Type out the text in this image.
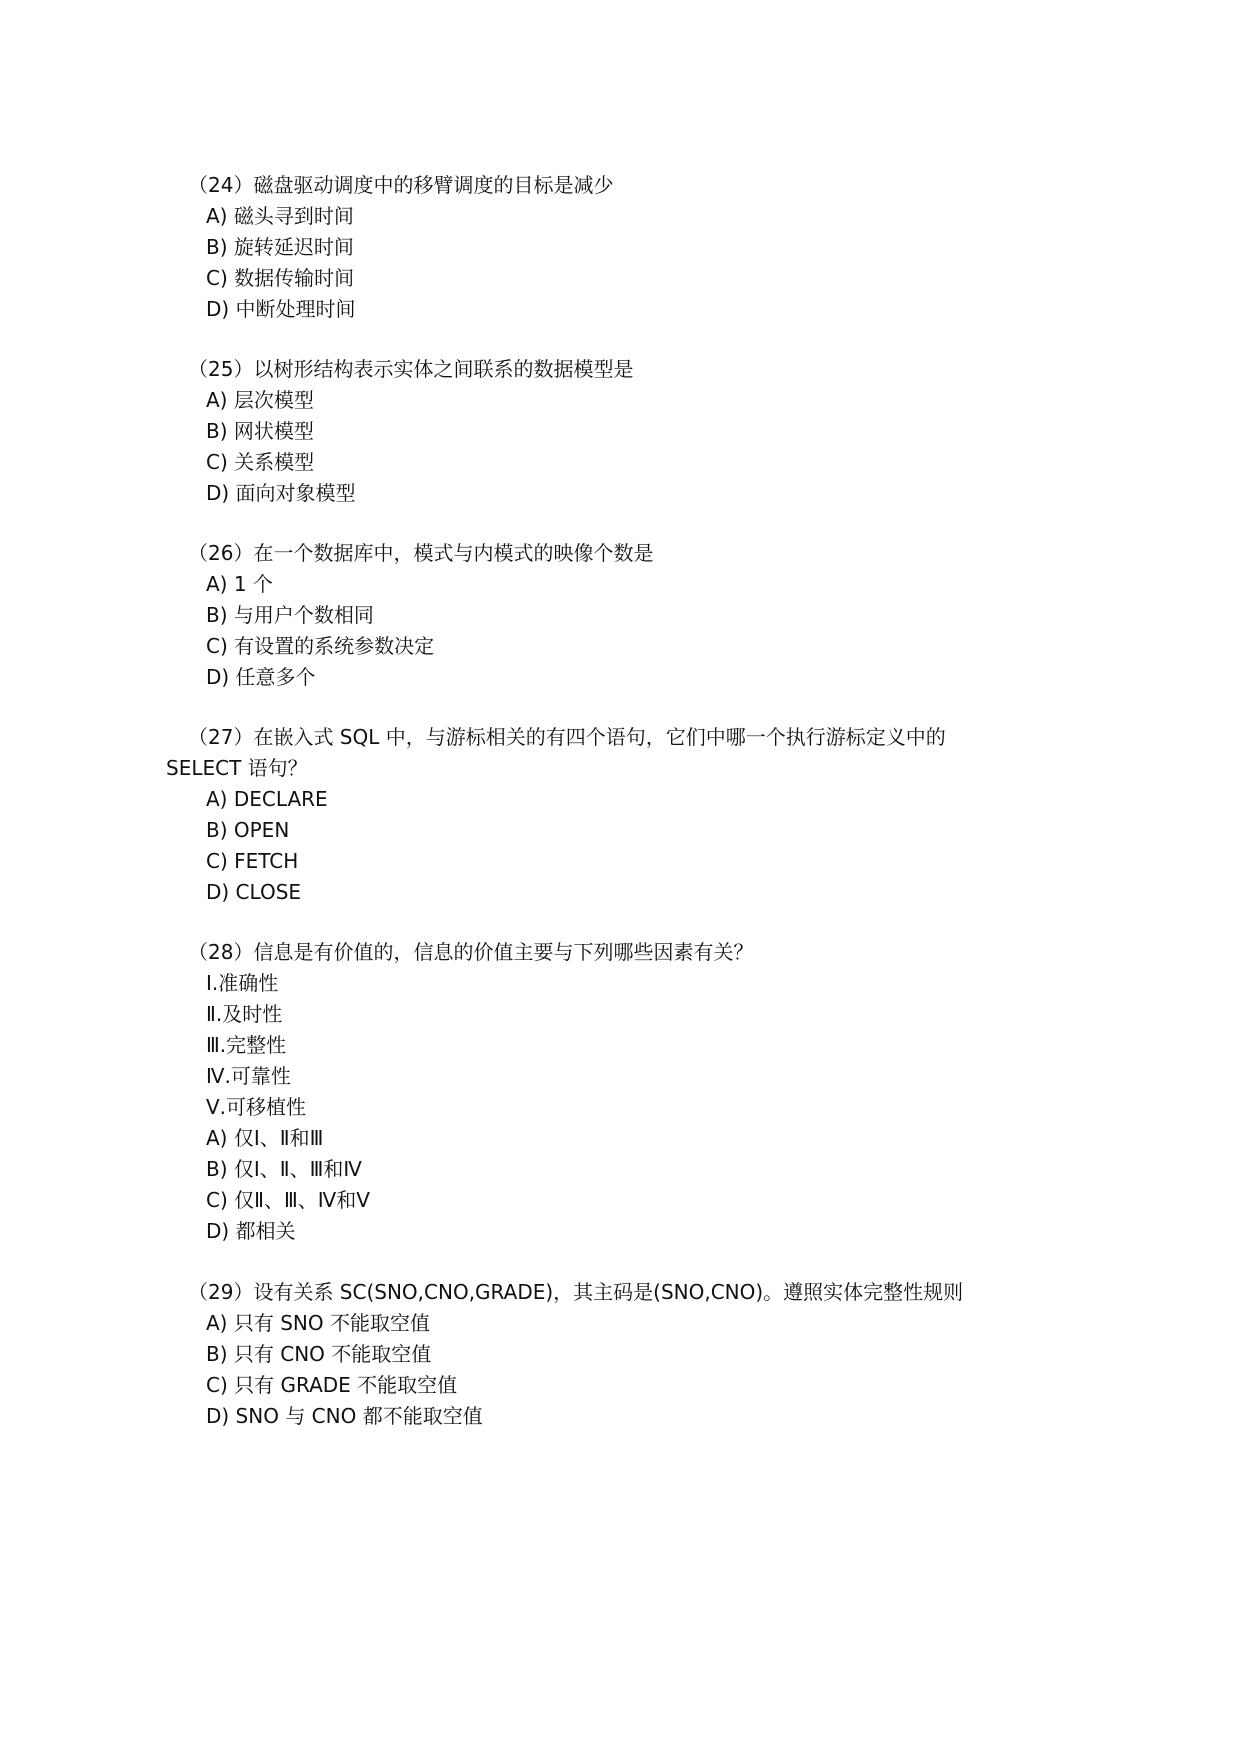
（24）磁盘驱动调度中的移臂调度的目标是减少
A) 磁头寻到时间
B) 旋转延迟时间
C) 数据传输时间
D) 中断处理时间
（25）以树形结构表示实体之间联系的数据模型是
A) 层次模型
B) 网状模型
C) 关系模型
D) 面向对象模型
（26）在一个数据库中，模式与内模式的映像个数是
A) 1 个
B) 与用户个数相同
C) 有设置的系统参数决定
D) 任意多个
（27）在嵌入式 SQL 中，与游标相关的有四个语句，它们中哪一个执行游标定义中的
SELECT 语句？
A) DECLARE
B) OPEN
C) FETCH
D) CLOSE
（28）信息是有价值的，信息的价值主要与下列哪些因素有关？
Ⅰ.准确性
Ⅱ.及时性
Ⅲ.完整性
Ⅳ.可靠性
Ⅴ.可移植性
A) 仅Ⅰ、Ⅱ和Ⅲ
B) 仅Ⅰ、Ⅱ、Ⅲ和Ⅳ
C) 仅Ⅱ、Ⅲ、Ⅳ和Ⅴ
D) 都相关
（29）设有关系 SC(SNO,CNO,GRADE)，其主码是(SNO,CNO)。遵照实体完整性规则
A) 只有 SNO 不能取空值
B) 只有 CNO 不能取空值
C) 只有 GRADE 不能取空值
D) SNO 与 CNO 都不能取空值
